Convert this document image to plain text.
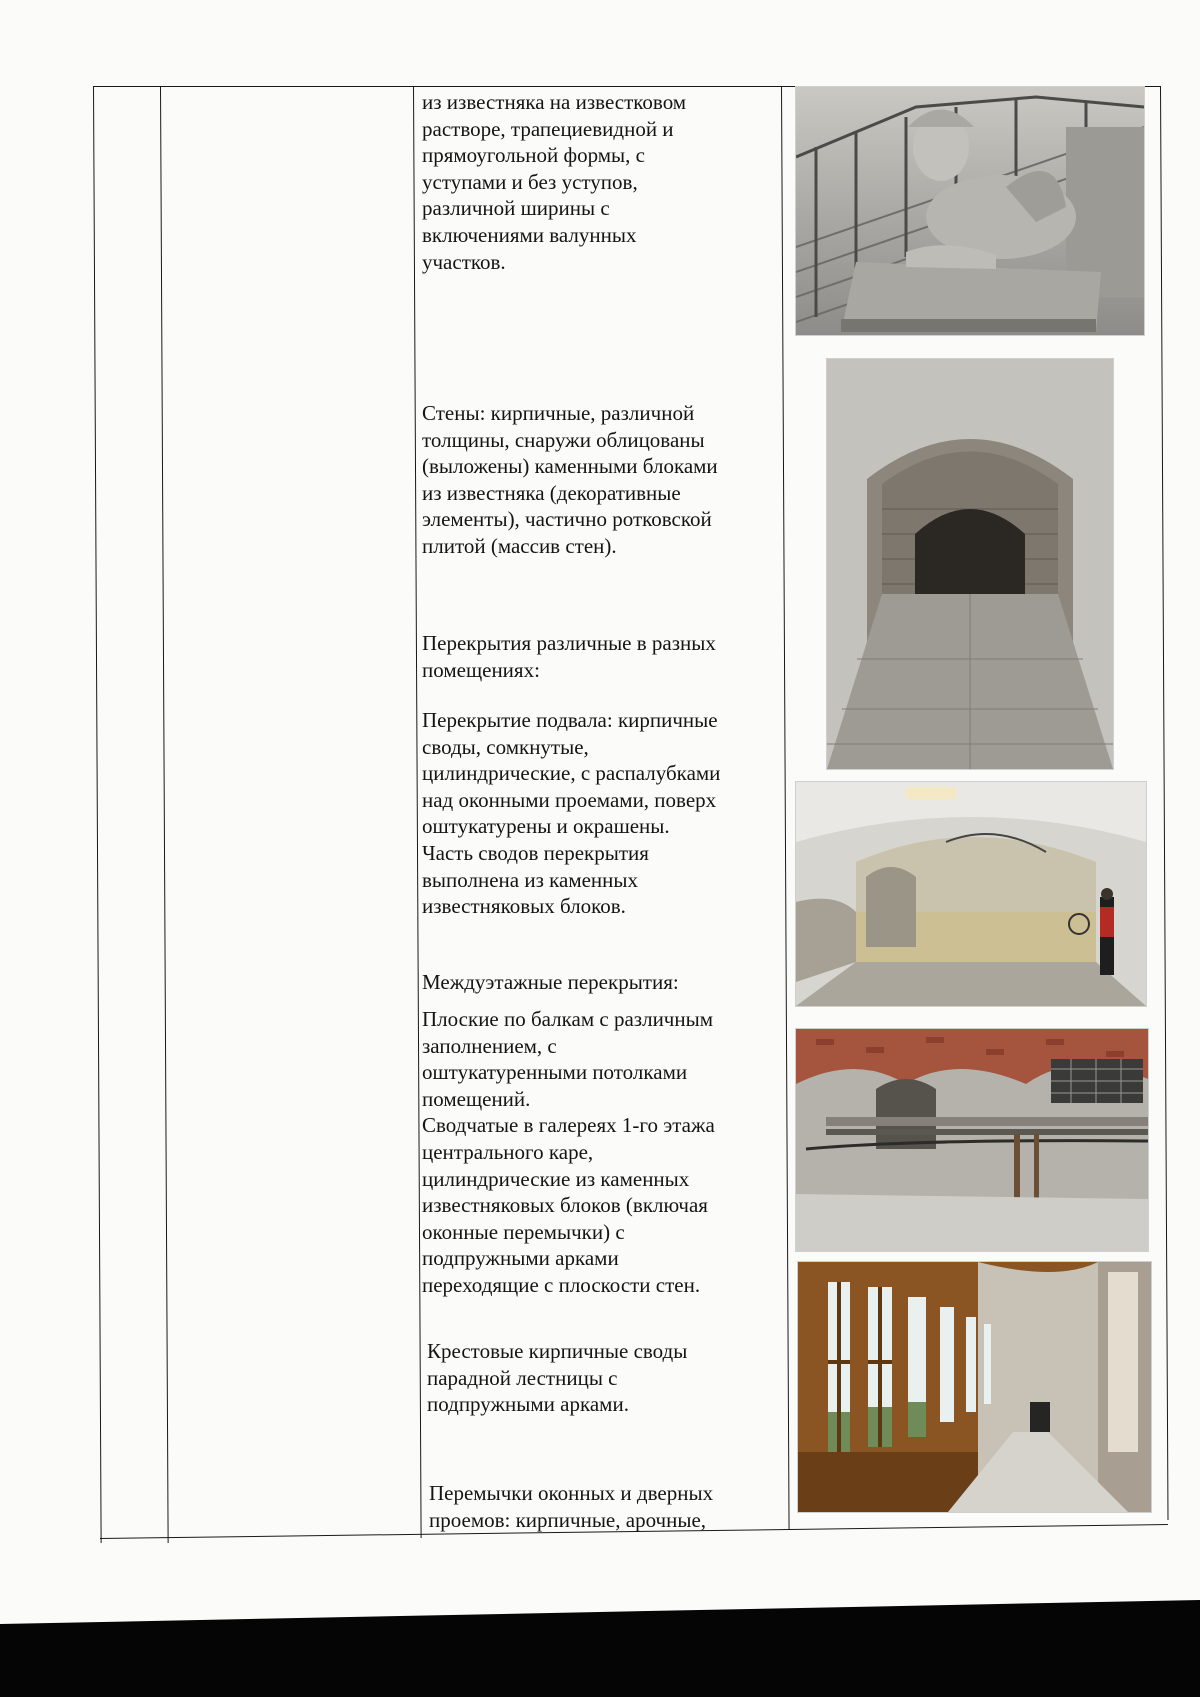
из известняка на известковом
растворе, трапециевидной и
прямоугольной формы, с
уступами и без уступов,
различной ширины с
включениями валунных
участков.

Стены: кирпичные, различной
толщины, снаружи облицованы
(выложены) каменными блоками
из известняка (декоративные
элементы), частично ротковской
плитой (массив стен).

Перекрытия различные в разных
помещениях:

Перекрытие подвала: кирпичные
своды, сомкнутые,
цилиндрические, с распалубками
над оконными проемами, поверх
оштукатурены и окрашены.
Часть сводов перекрытия
выполнена из каменных
известняковых блоков.

Междуэтажные перекрытия:

Плоские по балкам с различным
заполнением, с
оштукатуренными потолками
помещений.
Сводчатые в галереях 1-го этажа
центрального каре,
цилиндрические из каменных
известняковых блоков (включая
оконные перемычки) с
подпружными арками
переходящие с плоскости стен.

Крестовые кирпичные своды
парадной лестницы с
подпружными арками.

Перемычки оконных и дверных
проемов: кирпичные, арочные,
